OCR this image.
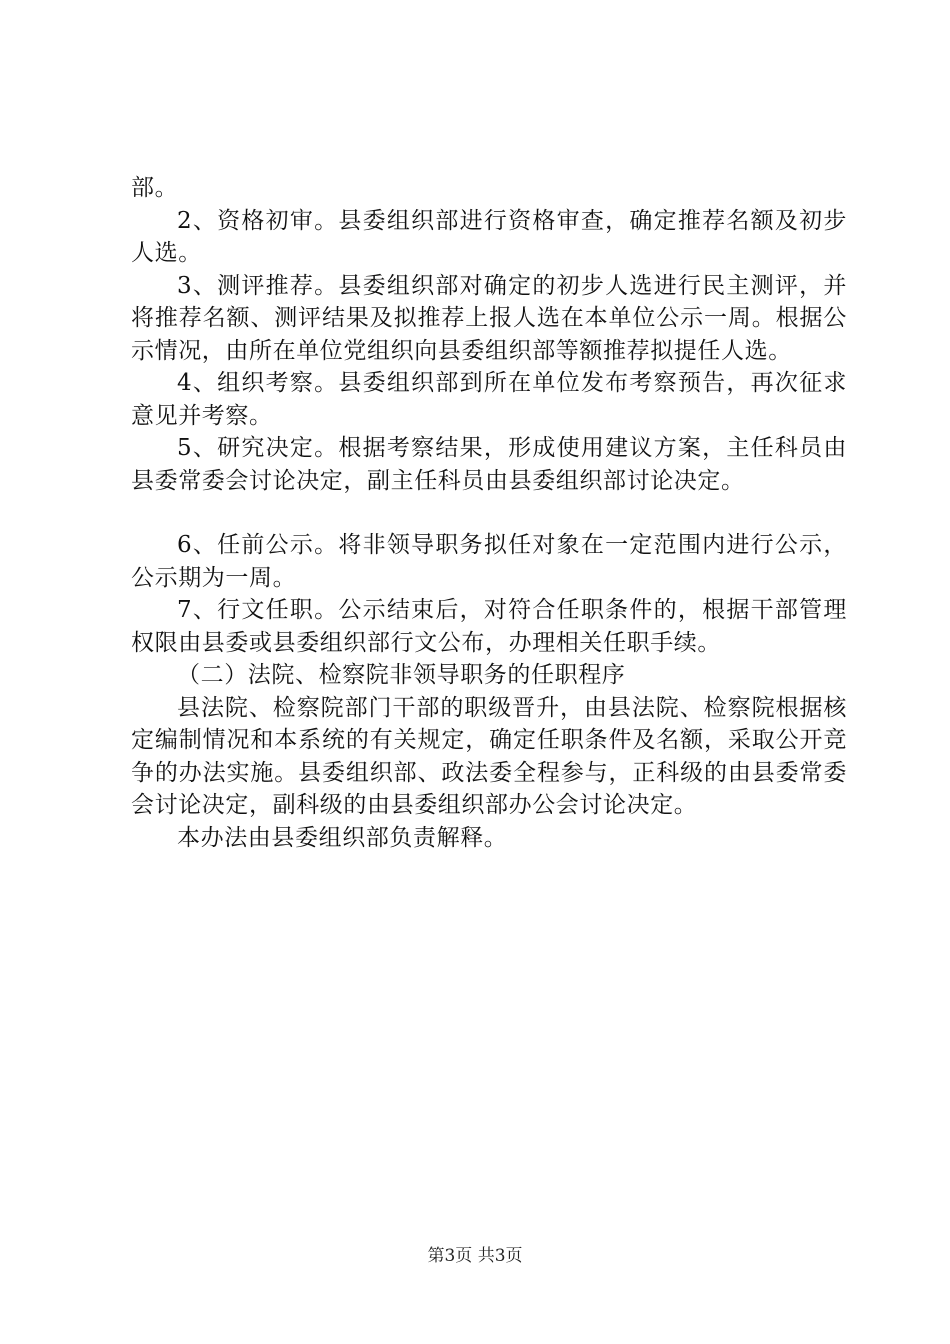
部。

2、资格初审。县委组织部进行资格审查，确定推荐名额及初步人选。

3、测评推荐。县委组织部对确定的初步人选进行民主测评，并将推荐名额、测评结果及拟推荐上报人选在本单位公示一周。根据公示情况，由所在单位党组织向县委组织部等额推荐拟提任人选。

4、组织考察。县委组织部到所在单位发布考察预告，再次征求意见并考察。

5、研究决定。根据考察结果，形成使用建议方案，主任科员由县委常委会讨论决定，副主任科员由县委组织部讨论决定。

6、任前公示。将非领导职务拟任对象在一定范围内进行公示，公示期为一周。

7、行文任职。公示结束后，对符合任职条件的，根据干部管理权限由县委或县委组织部行文公布，办理相关任职手续。

（二）法院、检察院非领导职务的任职程序

县法院、检察院部门干部的职级晋升，由县法院、检察院根据核定编制情况和本系统的有关规定，确定任职条件及名额，采取公开竞争的办法实施。县委组织部、政法委全程参与，正科级的由县委常委会讨论决定，副科级的由县委组织部办公会讨论决定。

本办法由县委组织部负责解释。

第3页 共3页
